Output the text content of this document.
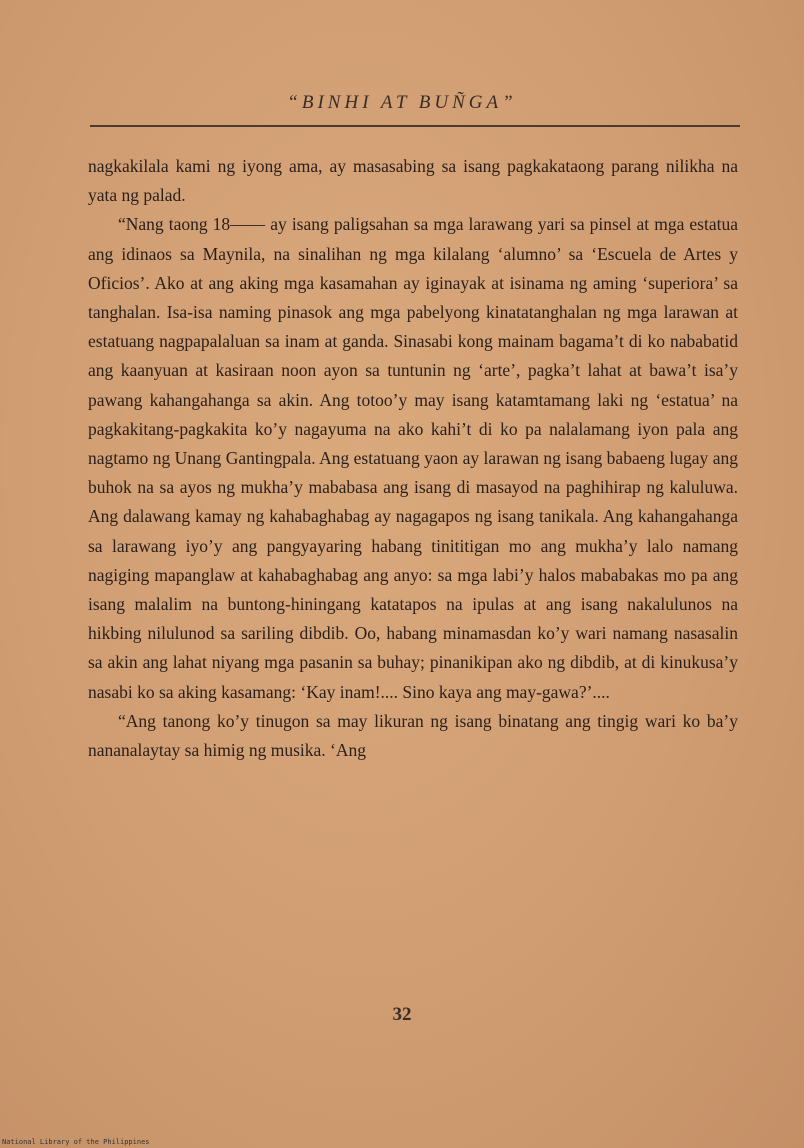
“BINHI AT BUÑGA”

nagkakilala kami ng iyong ama, ay masasabing sa isang pagkakataong parang nilikha na yata ng palad.

“Nang taong 18—— ay isang paligsahan sa mga larawang yari sa pinsel at mga estatua ang idinaos sa Maynila, na sinalihan ng mga kilalang ‘alumno’ sa ‘Escuela de Artes y Oficios’. Ako at ang aking mga kasamahan ay iginayak at isinama ng aming ‘superiora’ sa tanghalan. Isa-isa naming pinasok ang mga pabelyong kinatatanghalan ng mga larawan at estatuang nagpapalaluan sa inam at ganda. Sinasabi kong mainam bagama’t di ko nababatid ang kaanyuan at kasiraan noon ayon sa tuntunin ng ‘arte’, pagka’t lahat at bawa’t isa’y pawang kahangahanga sa akin. Ang totoo’y may isang katamtamang laki ng ‘estatua’ na pagkakitang-pagkakita ko’y nagayuma na ako kahi’t di ko pa nalalamang iyon pala ang nagtamo ng Unang Gantingpala. Ang estatuang yaon ay larawan ng isang babaeng lugay ang buhok na sa ayos ng mukha’y mababasa ang isang di masayod na paghihirap ng kaluluwa. Ang dalawang kamay ng kahabaghabag ay nagagapos ng isang tanikala. Ang kahangahanga sa larawang iyo’y ang pangyayaring habang tinititigan mo ang mukha’y lalo namang nagiging mapanglaw at kahabaghabag ang anyo: sa mga labi’y halos mababakas mo pa ang isang malalim na buntong-hiningang katatapos na ipulas at ang isang nakalulunos na hikbing nilulunod sa sariling dibdib. Oo, habang minamasdan ko’y wari namang nasasalin sa akin ang lahat niyang mga pasanin sa buhay; pinanikipan ako ng dibdib, at di kinukusa’y nasabi ko sa aking kasamang: ‘Kay inam!.... Sino kaya ang may-gawa?’....

“Ang tanong ko’y tinugon sa may likuran ng isang binatang ang tingig wari ko ba’y nananalaytay sa himig ng musika. ‘Ang

32
National Library of the Philippines
